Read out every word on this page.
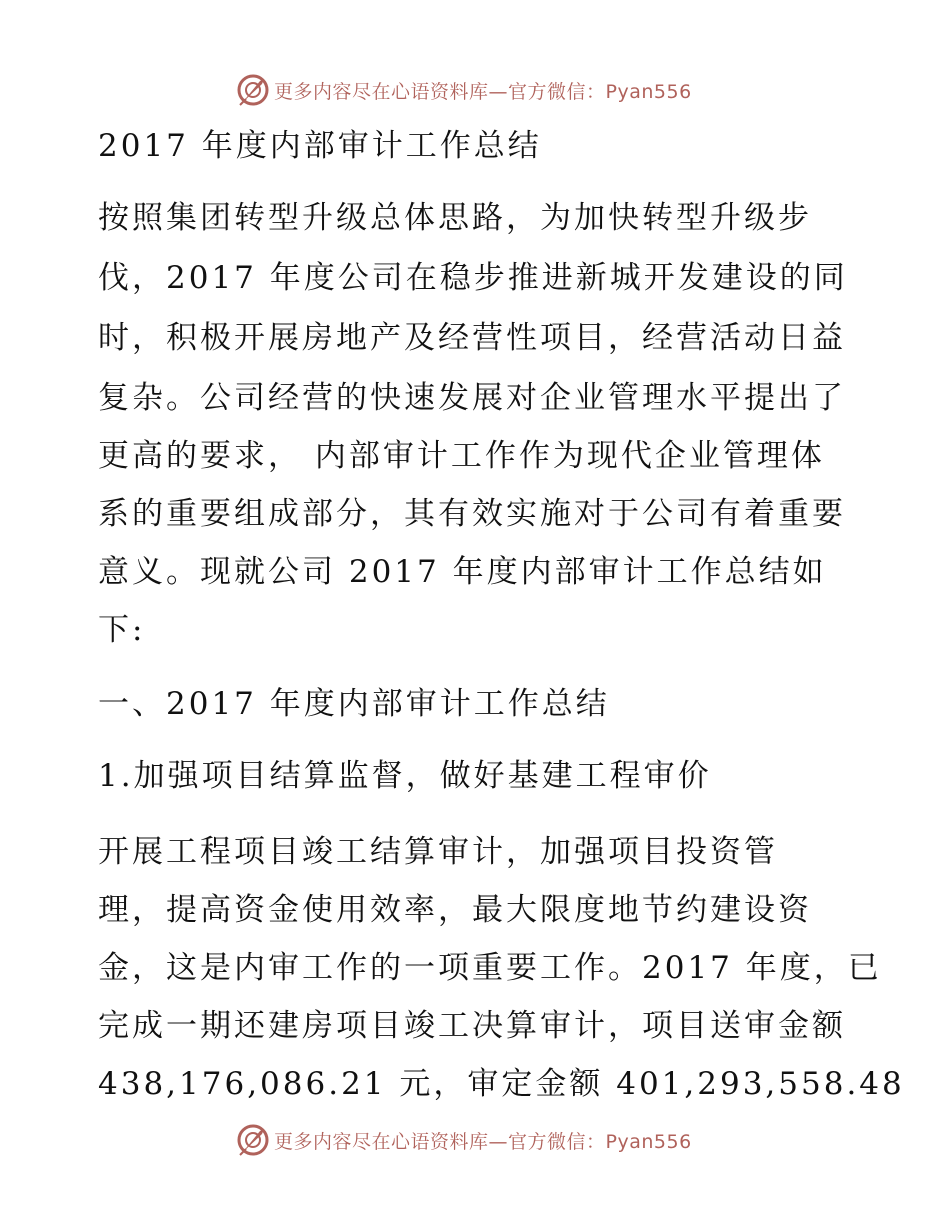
更多内容尽在心语资料库—官方微信：Pyan556
2017 年度内部审计工作总结
按照集团转型升级总体思路，为加快转型升级步
伐，2017 年度公司在稳步推进新城开发建设的同
时，积极开展房地产及经营性项目，经营活动日益
复杂。公司经营的快速发展对企业管理水平提出了
更高的要求， 内部审计工作作为现代企业管理体
系的重要组成部分，其有效实施对于公司有着重要
意义。现就公司 2017 年度内部审计工作总结如
下:
一、2017 年度内部审计工作总结
1.加强项目结算监督，做好基建工程审价
开展工程项目竣工结算审计，加强项目投资管
理，提高资金使用效率，最大限度地节约建设资
金，这是内审工作的一项重要工作。2017 年度，已
完成一期还建房项目竣工决算审计，项目送审金额
438,176,086.21 元，审定金额 401,293,558.48
更多内容尽在心语资料库—官方微信：Pyan556
